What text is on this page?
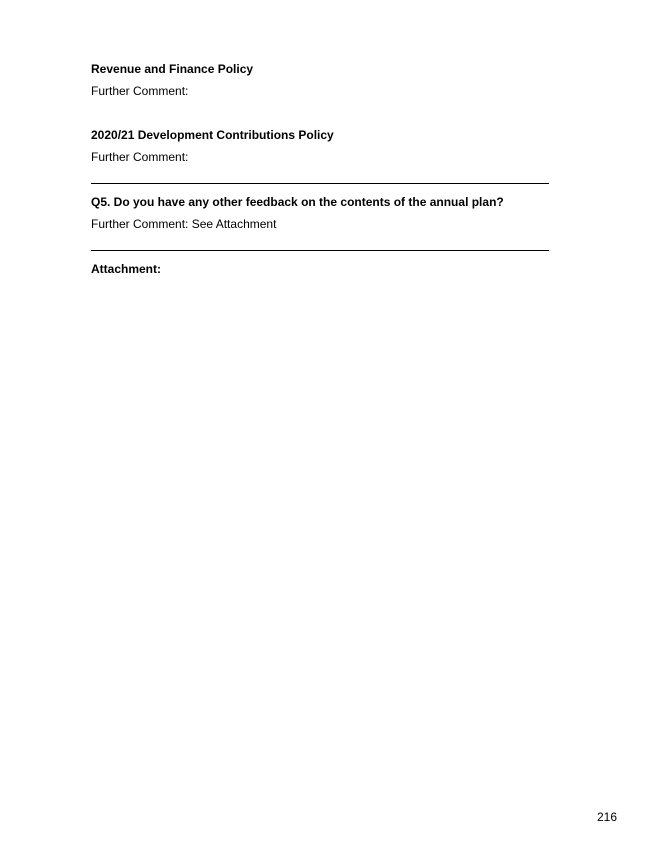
Revenue and Finance Policy
Further Comment:
2020/21 Development Contributions Policy
Further Comment:
Q5. Do you have any other feedback on the contents of the annual plan?
Further Comment: See Attachment
Attachment:
216
